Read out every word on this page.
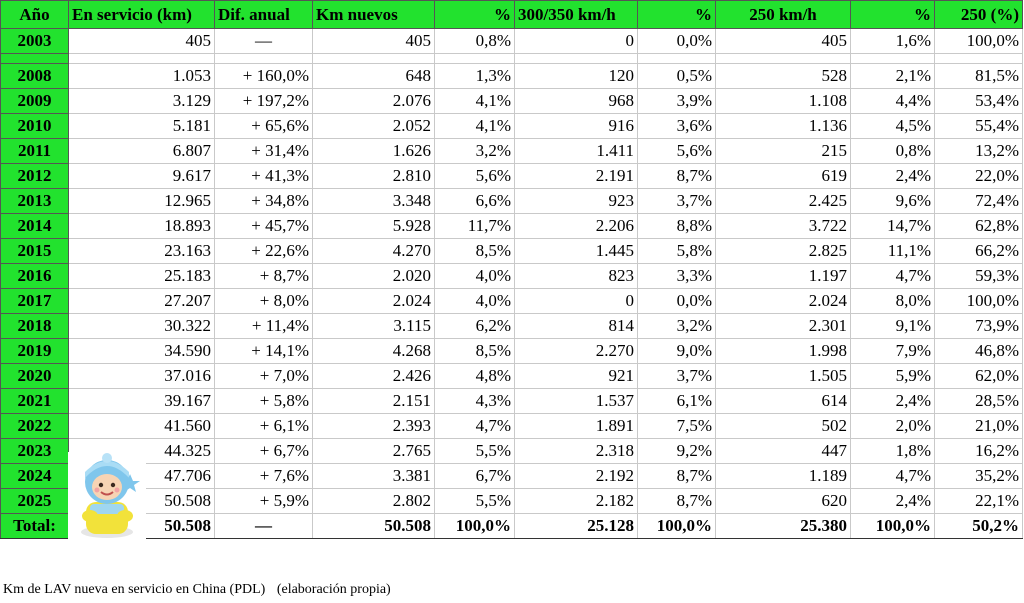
Año	En servicio (km)	Dif. anual	Km nuevos	%	300/350 km/h	%	250 km/h	%	250 (%)
2003	405	—	405	0,8%	0	0,0%	405	1,6%	100,0%

2008	1.053	+ 160,0%	648	1,3%	120	0,5%	528	2,1%	81,5%
2009	3.129	+ 197,2%	2.076	4,1%	968	3,9%	1.108	4,4%	53,4%
2010	5.181	+ 65,6%	2.052	4,1%	916	3,6%	1.136	4,5%	55,4%
2011	6.807	+ 31,4%	1.626	3,2%	1.411	5,6%	215	0,8%	13,2%
2012	9.617	+ 41,3%	2.810	5,6%	2.191	8,7%	619	2,4%	22,0%
2013	12.965	+ 34,8%	3.348	6,6%	923	3,7%	2.425	9,6%	72,4%
2014	18.893	+ 45,7%	5.928	11,7%	2.206	8,8%	3.722	14,7%	62,8%
2015	23.163	+ 22,6%	4.270	8,5%	1.445	5,8%	2.825	11,1%	66,2%
2016	25.183	+ 8,7%	2.020	4,0%	823	3,3%	1.197	4,7%	59,3%
2017	27.207	+ 8,0%	2.024	4,0%	0	0,0%	2.024	8,0%	100,0%
2018	30.322	+ 11,4%	3.115	6,2%	814	3,2%	2.301	9,1%	73,9%
2019	34.590	+ 14,1%	4.268	8,5%	2.270	9,0%	1.998	7,9%	46,8%
2020	37.016	+ 7,0%	2.426	4,8%	921	3,7%	1.505	5,9%	62,0%
2021	39.167	+ 5,8%	2.151	4,3%	1.537	6,1%	614	2,4%	28,5%
2022	41.560	+ 6,1%	2.393	4,7%	1.891	7,5%	502	2,0%	21,0%
2023	44.325	+ 6,7%	2.765	5,5%	2.318	9,2%	447	1,8%	16,2%
2024	47.706	+ 7,6%	3.381	6,7%	2.192	8,7%	1.189	4,7%	35,2%
2025	50.508	+ 5,9%	2.802	5,5%	2.182	8,7%	620	2,4%	22,1%
Total:	50.508	—	50.508	100,0%	25.128	100,0%	25.380	100,0%	50,2%
Km de LAV nueva en servicio en China (PDL) (elaboración propia)
